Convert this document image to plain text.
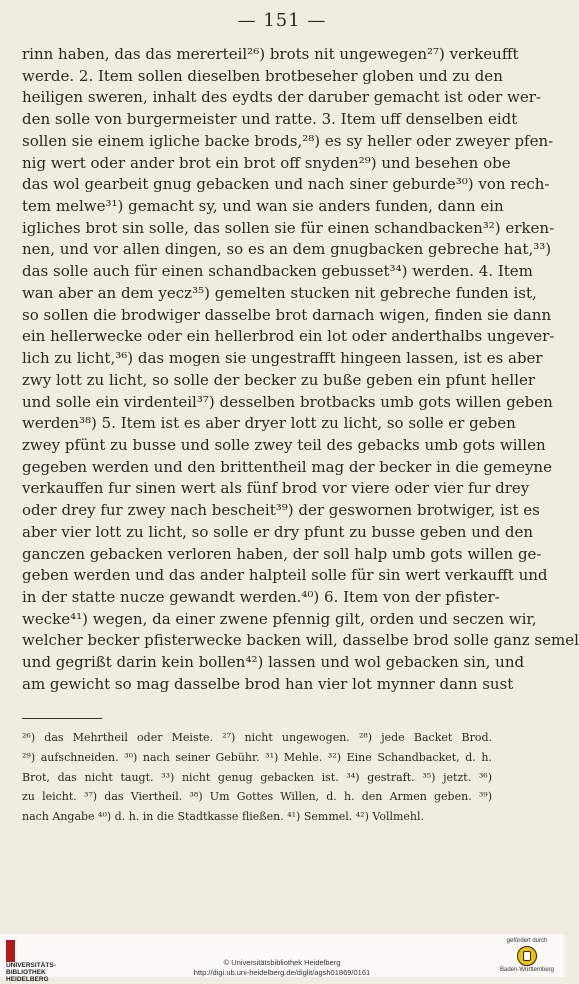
— 151 —
rinn haben, das das mererteil²⁶) brots nit ungewegen²⁷) verkeufft
werde. 2. Item sollen dieselben brotbeseher globen und zu den
heiligen sweren, inhalt des eydts der daruber gemacht ist oder wer-
den solle von burgermeister und ratte. 3. Item uff denselben eidt
sollen sie einem igliche backe brods,²⁸) es sy heller oder zweyer pfen-
nig wert oder ander brot ein brot off snyden²⁹) und besehen obe
das wol gearbeit gnug gebacken und nach siner geburde³⁰) von rech-
tem melwe³¹) gemacht sy, und wan sie anders funden, dann ein
igliches brot sin solle, das sollen sie für einen schandbacken³²) erken-
nen, und vor allen dingen, so es an dem gnugbacken gebreche hat,³³)
das solle auch für einen schandbacken gebusset³⁴) werden. 4. Item
wan aber an dem yecz³⁵) gemelten stucken nit gebreche funden ist,
so sollen die brodwiger dasselbe brot darnach wigen, finden sie dann
ein hellerwecke oder ein hellerbrod ein lot oder anderthalbs ungever-
lich zu licht,³⁶) das mogen sie ungestrafft hingeen lassen, ist es aber
zwy lott zu licht, so solle der becker zu buße geben ein pfunt heller
und solle ein virdenteil³⁷) desselben brotbacks umb gots willen geben
werden³⁸) 5. Item ist es aber dryer lott zu licht, so solle er geben
zwey pfünt zu busse und solle zwey teil des gebacks umb gots willen
gegeben werden und den brittentheil mag der becker in die gemeyne
verkauffen fur sinen wert als fünf brod vor viere oder vier fur drey
oder drey fur zwey nach bescheit³⁹) der geswornen brotwiger, ist es
aber vier lott zu licht, so solle er dry pfunt zu busse geben und den
ganczen gebacken verloren haben, der soll halp umb gots willen ge-
geben werden und das ander halpteil solle für sin wert verkaufft und
in der statte nucze gewandt werden.⁴⁰) 6. Item von der pfister-
wecke⁴¹) wegen, da einer zwene pfennig gilt, orden und seczen wir,
welcher becker pfisterwecke backen will, dasselbe brod solle ganz semel
und gegrißt darin kein bollen⁴²) lassen und wol gebacken sin, und
am gewicht so mag dasselbe brod han vier lot mynner dann sust
²⁶) das Mehrtheil oder Meiste. ²⁷) nicht ungewogen. ²⁸) jede Backet Brod.
²⁹) aufschneiden. ³⁰) nach seiner Gebühr. ³¹) Mehle. ³²) Eine Schandbacket, d. h.
Brot, das nicht taugt. ³³) nicht genug gebacken ist. ³⁴) gestraft. ³⁵) jetzt. ³⁶)
zu leicht. ³⁷) das Viertheil. ³⁸) Um Gottes Willen, d. h. den Armen geben. ³⁹)
nach Angabe ⁴⁰) d. h. in die Stadtkasse fließen. ⁴¹) Semmel. ⁴²) Vollmehl.
UNIVERSITÄTS- BIBLIOTHEK HEIDELBERG
© Universitätsbibliothek Heidelberg
http://digi.ub.uni-heidelberg.de/diglit/agsh01869/0161
gefördert durch
Baden-Württemberg
